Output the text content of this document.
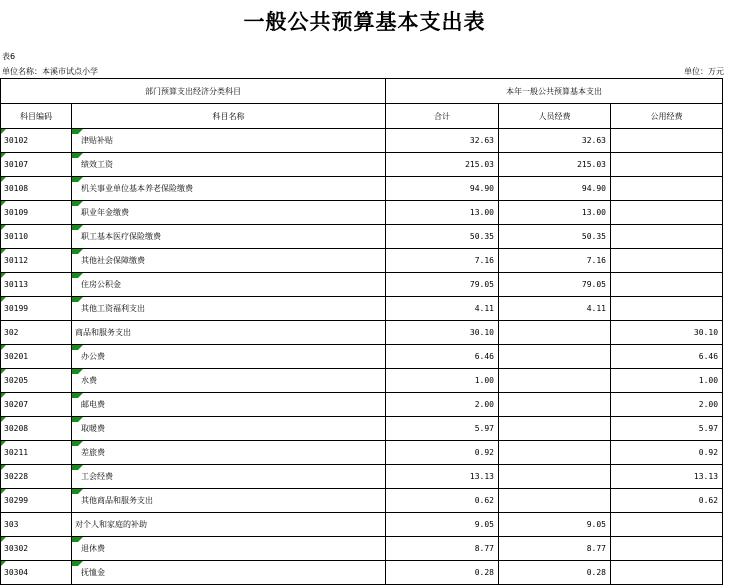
一般公共预算基本支出表
表6
单位名称：本溪市试点小学	单位：万元
部门预算支出经济分类科目		本年一般公共预算基本支出		
科目编码	科目名称	合计	人员经费	公用经费

30102	津贴补贴	32.63	32.63	

30107	绩效工资	215.03	215.03	

30108	机关事业单位基本养老保险缴费	94.90	94.90	

30109	职业年金缴费	13.00	13.00	

30110	职工基本医疗保险缴费	50.35	50.35	

30112	其他社会保障缴费	7.16	7.16	

30113	住房公积金	79.05	79.05	

30199	其他工资福利支出	4.11	4.11	
302	商品和服务支出	30.10		30.10

30201	办公费	6.46		6.46

30205	水费	1.00		1.00

30207	邮电费	2.00		2.00

30208	取暖费	5.97		5.97

30211	差旅费	0.92		0.92

30228	工会经费	13.13		13.13

30299	其他商品和服务支出	0.62		0.62
303	对个人和家庭的补助	9.05	9.05	

30302	退休费	8.77	8.77	

30304	抚恤金	0.28	0.28	
